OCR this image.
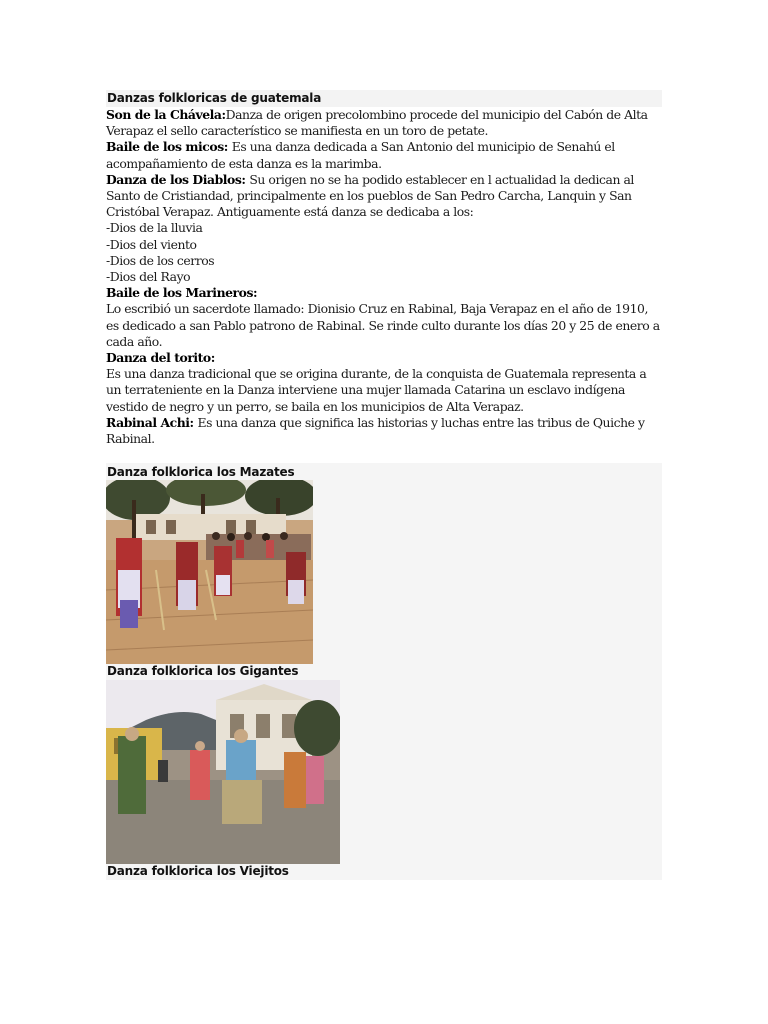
Danzas folkloricas de guatemala

Son de la Chávela:Danza de origen precolombino procede del municipio del Cabón de Alta Verapaz el sello característico se manifiesta en un toro de petate.

Baile de los micos: Es una danza dedicada a San Antonio del municipio de Senahú el acompañamiento de esta danza es la marimba.

Danza de los Diablos: Su origen no se ha podido establecer en l actualidad la dedican al Santo de Cristiandad, principalmente en los pueblos de San Pedro Carcha, Lanquin y San Cristóbal Verapaz. Antiguamente está danza se dedicaba a los:

-Dios de la lluvia

-Dios del viento

-Dios de los cerros

-Dios del Rayo

Baile de los Marineros:

Lo escribió un sacerdote llamado: Dionisio Cruz en Rabinal, Baja Verapaz en el año de 1910, es dedicado a san Pablo patrono de Rabinal. Se rinde culto durante los días 20 y 25 de enero a cada año.

Danza del torito:

Es una danza tradicional que se origina durante, de la conquista de Guatemala representa a un terrateniente en la Danza interviene una mujer llamada Catarina un esclavo indígena vestido de negro y un perro, se baila en los municipios de Alta Verapaz.

Rabinal Achi: Es una danza que significa las historias y luchas entre las tribus de Quiche y Rabinal.

Danza folklorica los Mazates
Danza folklorica los Gigantes
Danza folklorica los Viejitos
